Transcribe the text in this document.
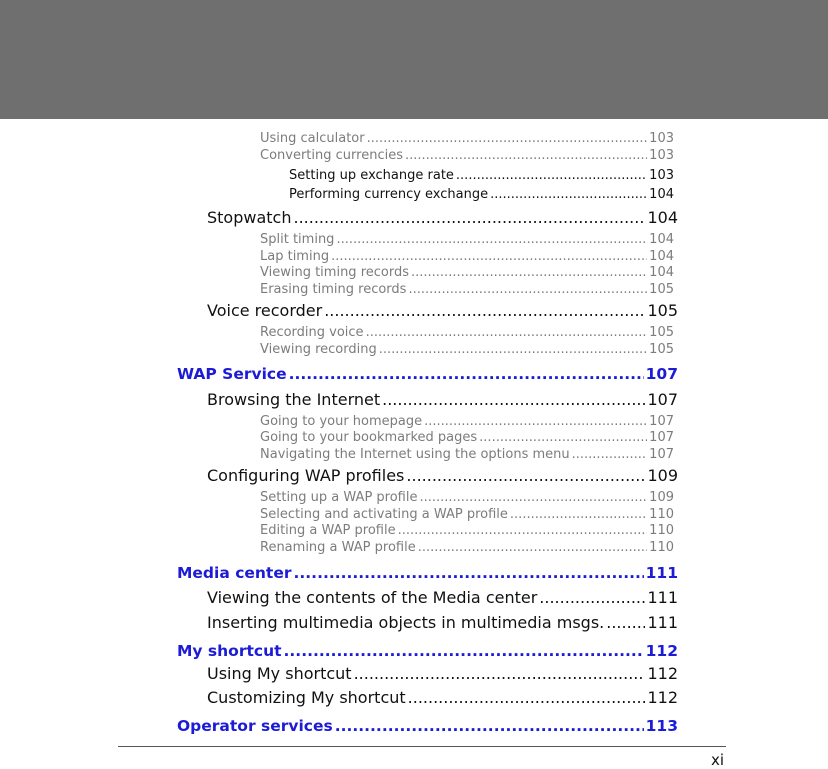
Using calculator .....	103
Converting currencies .....	103
Setting up exchange rate .....	103
Performing currency exchange .....	104
Stopwatch .....	104
Split timing .....	104
Lap timing .....	104
Viewing timing records .....	104
Erasing timing records .....	105
Voice recorder .....	105
Recording voice .....	105
Viewing recording .....	105
WAP Service .....	107
Browsing the Internet .....	107
Going to your homepage .....	107
Going to your bookmarked pages .....	107
Navigating the Internet using the options menu .....	107
Configuring WAP profiles .....	109
Setting up a WAP profile .....	109
Selecting and activating a WAP profile .....	110
Editing a WAP profile .....	110
Renaming a WAP profile .....	110
Media center .....	111
Viewing the contents of the Media center .....	111
Inserting multimedia objects in multimedia msgs. .....	111
My shortcut .....	112
Using My shortcut .....	112
Customizing My shortcut .....	112
Operator services .....	113
xi
